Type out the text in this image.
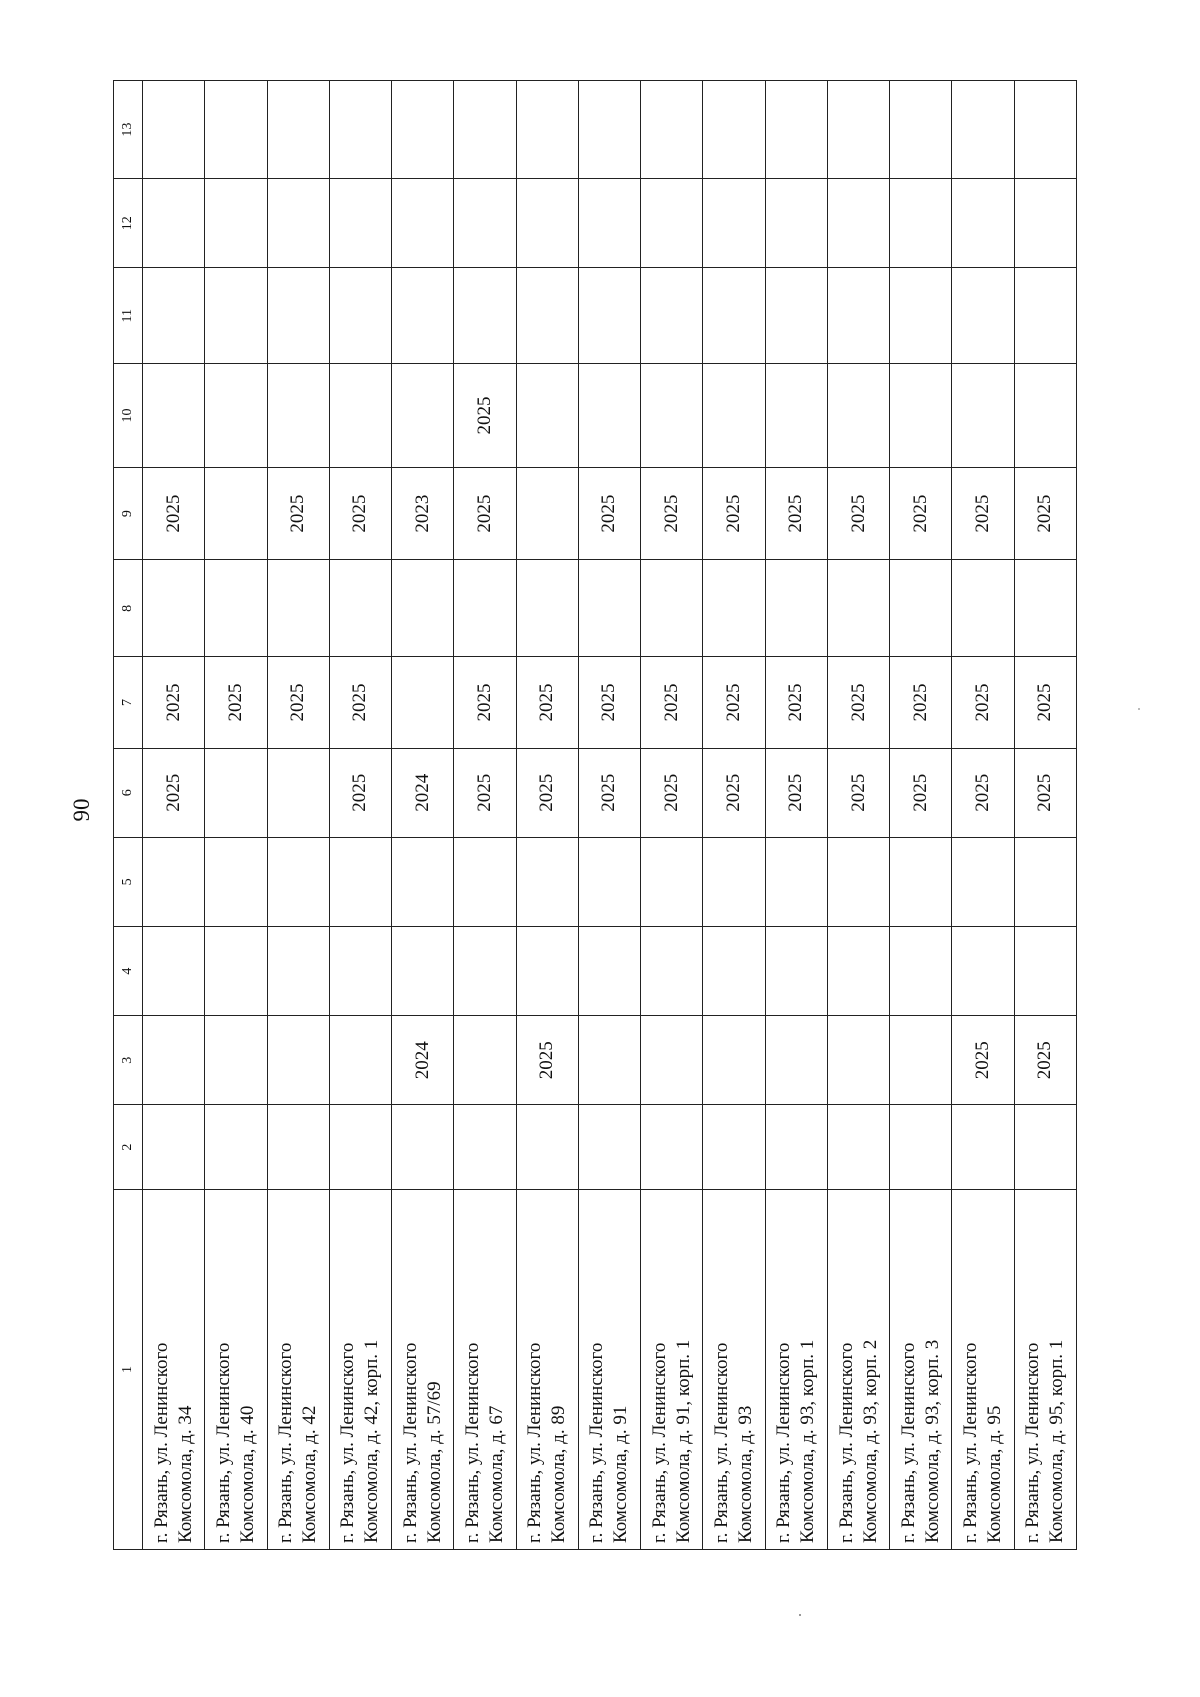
90
1	2	3	4	5	6	7	8	9	10	11	12	13

г. Рязань, ул. Ленинского Комсомола, д. 34					2025	2025		2025				

г. Рязань, ул. Ленинского Комсомола, д. 40						2025						

г. Рязань, ул. Ленинского Комсомола, д. 42						2025		2025				

г. Рязань, ул. Ленинского Комсомола, д. 42, корп. 1					2025	2025		2025				

г. Рязань, ул. Ленинского Комсомола, д. 57/69		2024			2024			2023				

г. Рязань, ул. Ленинского Комсомола, д. 67					2025	2025		2025	2025			

г. Рязань, ул. Ленинского Комсомола, д. 89		2025			2025	2025						

г. Рязань, ул. Ленинского Комсомола, д. 91					2025	2025		2025				

г. Рязань, ул. Ленинского Комсомола, д. 91, корп. 1					2025	2025		2025				

г. Рязань, ул. Ленинского Комсомола, д. 93					2025	2025		2025				

г. Рязань, ул. Ленинского Комсомола, д. 93, корп. 1					2025	2025		2025				

г. Рязань, ул. Ленинского Комсомола, д. 93, корп. 2					2025	2025		2025				

г. Рязань, ул. Ленинского Комсомола, д. 93, корп. 3					2025	2025		2025				

г. Рязань, ул. Ленинского Комсомола, д. 95		2025			2025	2025		2025				

г. Рязань, ул. Ленинского Комсомола, д. 95, корп. 1		2025			2025	2025		2025				
